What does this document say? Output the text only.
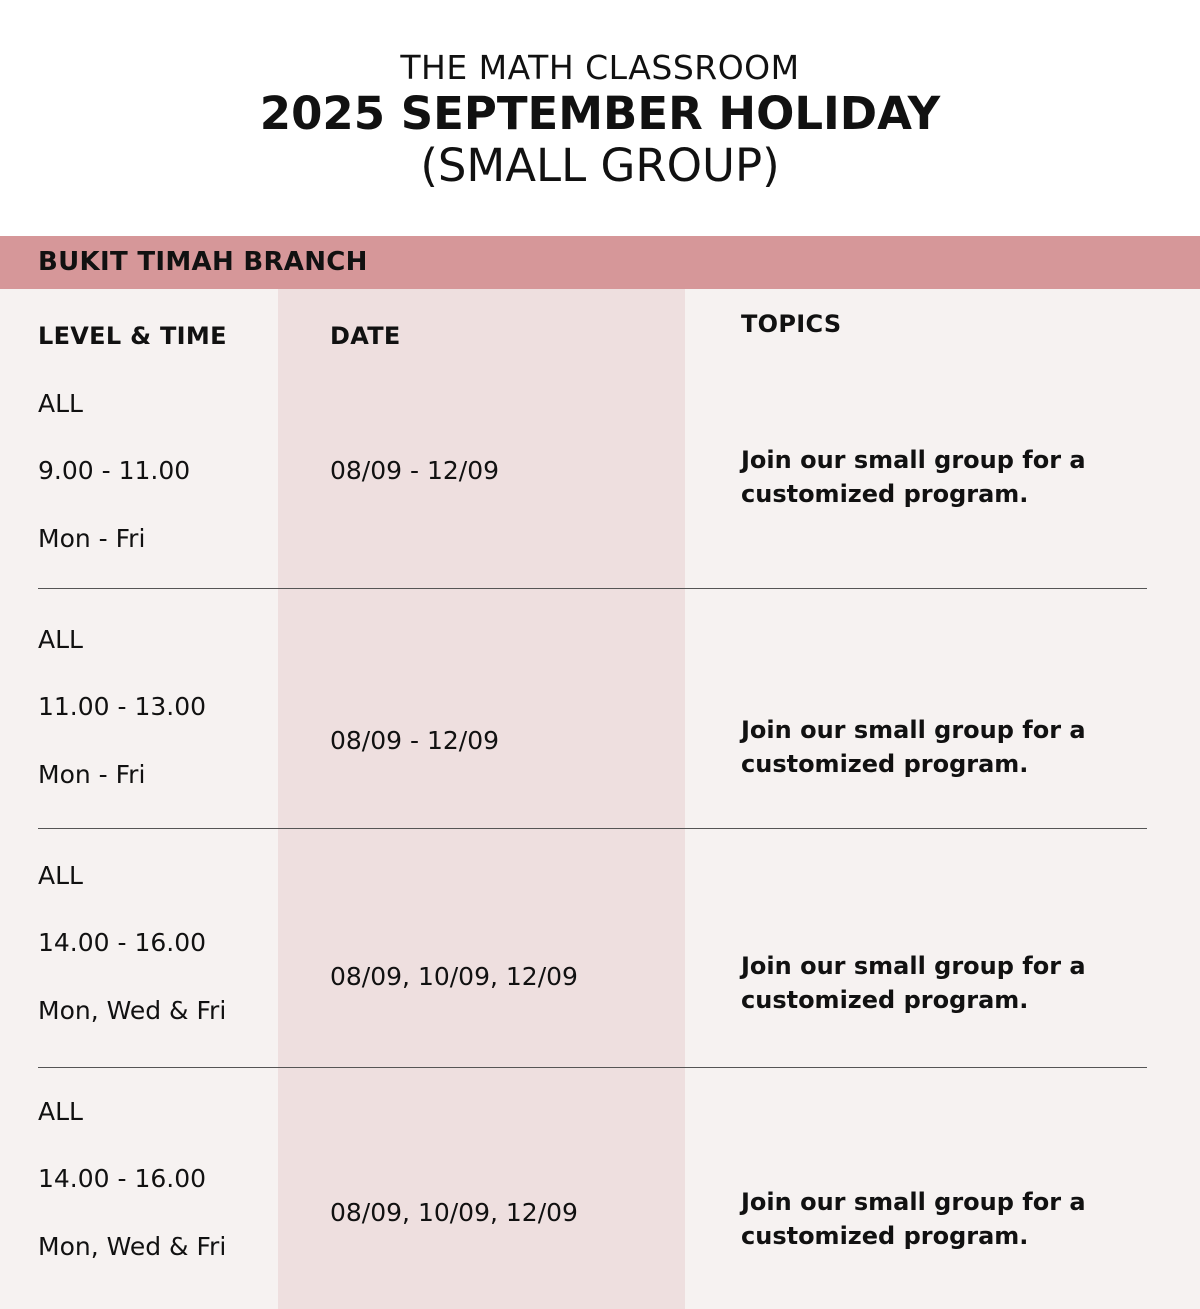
THE MATH CLASSROOM
2025 SEPTEMBER HOLIDAY
(SMALL GROUP)
BUKIT TIMAH BRANCH
LEVEL & TIME	DATE	TOPICS
ALL
9.00 - 11.00
Mon - Fri
08/09 - 12/09	Join our small group for a customized program.
ALL
11.00 - 13.00
Mon - Fri
08/09 - 12/09	Join our small group for a customized program.
ALL
14.00 - 16.00
Mon, Wed & Fri
08/09, 10/09, 12/09	Join our small group for a customized program.
ALL
14.00 - 16.00
Mon, Wed & Fri
08/09, 10/09, 12/09	Join our small group for a customized program.
